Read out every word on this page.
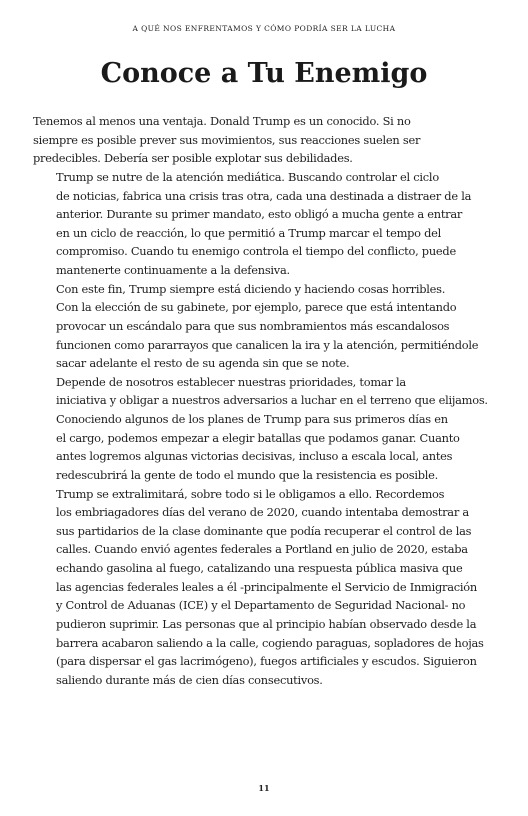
A QUÉ NOS ENFRENTAMOS Y CÓMO PODRÍA SER LA LUCHA
Conoce a Tu Enemigo

Tenemos al menos una ventaja. Donald Trump es un conocido. Si no
siempre es posible prever sus movimientos, sus reacciones suelen ser
predecibles. Debería ser posible explotar sus debilidades.

Trump se nutre de la atención mediática. Buscando controlar el ciclo
de noticias, fabrica una crisis tras otra, cada una destinada a distraer de la
anterior. Durante su primer mandato, esto obligó a mucha gente a entrar
en un ciclo de reacción, lo que permitió a Trump marcar el tempo del
compromiso. Cuando tu enemigo controla el tiempo del conflicto, puede
mantenerte continuamente a la defensiva.

Con este fin, Trump siempre está diciendo y haciendo cosas horribles.
Con la elección de su gabinete, por ejemplo, parece que está intentando
provocar un escándalo para que sus nombramientos más escandalosos
funcionen como pararrayos que canalicen la ira y la atención, permitiéndole
sacar adelante el resto de su agenda sin que se note.

Depende de nosotros establecer nuestras prioridades, tomar la
iniciativa y obligar a nuestros adversarios a luchar en el terreno que elijamos.
Conociendo algunos de los planes de Trump para sus primeros días en
el cargo, podemos empezar a elegir batallas que podamos ganar. Cuanto
antes logremos algunas victorias decisivas, incluso a escala local, antes
redescubrirá la gente de todo el mundo que la resistencia es posible.

Trump se extralimitará, sobre todo si le obligamos a ello. Recordemos
los embriagadores días del verano de 2020, cuando intentaba demostrar a
sus partidarios de la clase dominante que podía recuperar el control de las
calles. Cuando envió agentes federales a Portland en julio de 2020, estaba
echando gasolina al fuego, catalizando una respuesta pública masiva que
las agencias federales leales a él -principalmente el Servicio de Inmigración
y Control de Aduanas (ICE) y el Departamento de Seguridad Nacional- no
pudieron suprimir. Las personas que al principio habían observado desde la
barrera acabaron saliendo a la calle, cogiendo paraguas, sopladores de hojas
(para dispersar el gas lacrimógeno), fuegos artificiales y escudos. Siguieron
saliendo durante más de cien días consecutivos.

11
